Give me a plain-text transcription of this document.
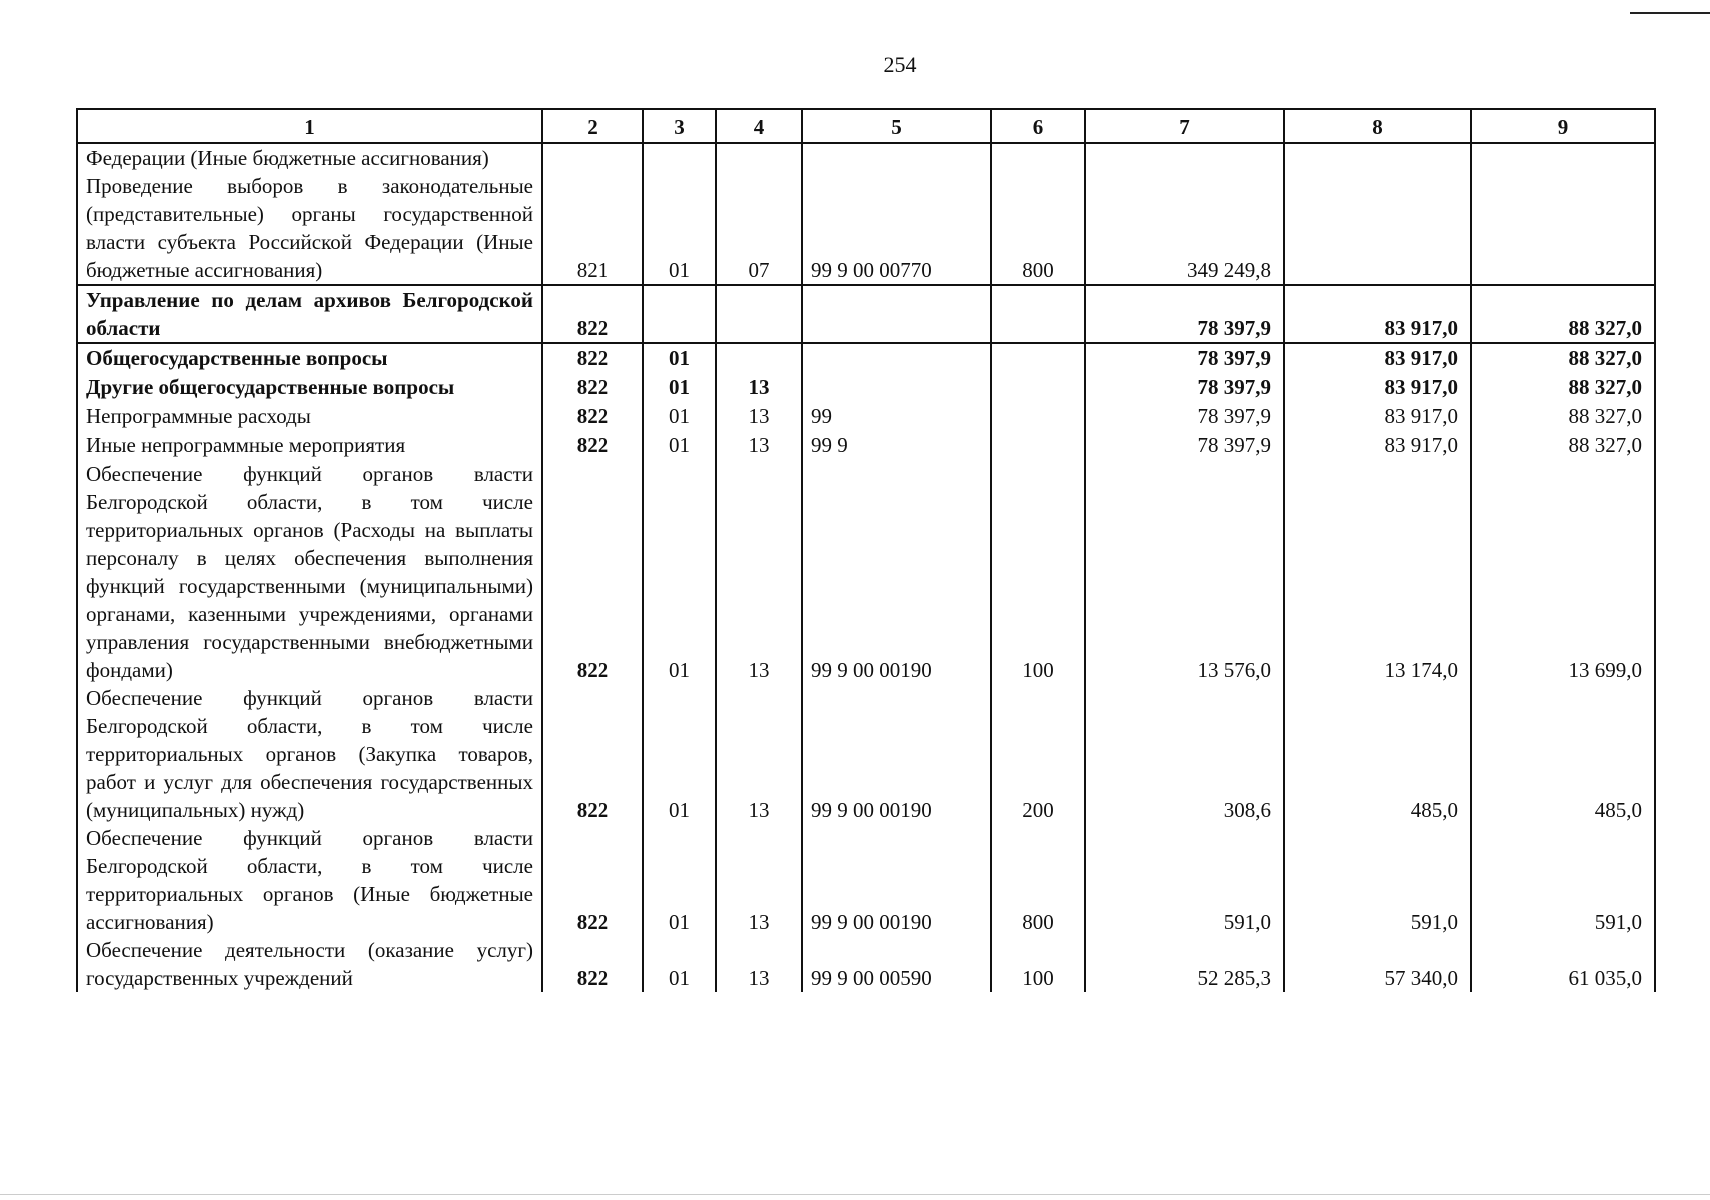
254
1	2	3	4	5	6	7	8	9
Федерации (Иные бюджетные ассигнования)								
Проведение выборов в законодательные (представительные) органы государственной власти субъекта Российской Федерации (Иные бюджетные ассигнования)	821	01	07	99 9 00 00770	800	349 249,8		
Управление по делам архивов Белгородской области	822					78 397,9	83 917,0	88 327,0
Общегосударственные вопросы	822	01				78 397,9	83 917,0	88 327,0
Другие общегосударственные вопросы	822	01	13			78 397,9	83 917,0	88 327,0
Непрограммные расходы	822	01	13	99		78 397,9	83 917,0	88 327,0
Иные непрограммные мероприятия	822	01	13	99 9		78 397,9	83 917,0	88 327,0
Обеспечение функций органов власти Белгородской области, в том числе территориальных органов (Расходы на выплаты персоналу в целях обеспечения выполнения функций государственными (муниципальными) органами, казенными учреждениями, органами управления государственными внебюджетными фондами)	822	01	13	99 9 00 00190	100	13 576,0	13 174,0	13 699,0
Обеспечение функций органов власти Белгородской области, в том числе территориальных органов (Закупка товаров, работ и услуг для обеспечения государственных (муниципальных) нужд)	822	01	13	99 9 00 00190	200	308,6	485,0	485,0
Обеспечение функций органов власти Белгородской области, в том числе территориальных органов (Иные бюджетные ассигнования)	822	01	13	99 9 00 00190	800	591,0	591,0	591,0
Обеспечение деятельности (оказание услуг) государственных учреждений	822	01	13	99 9 00 00590	100	52 285,3	57 340,0	61 035,0
